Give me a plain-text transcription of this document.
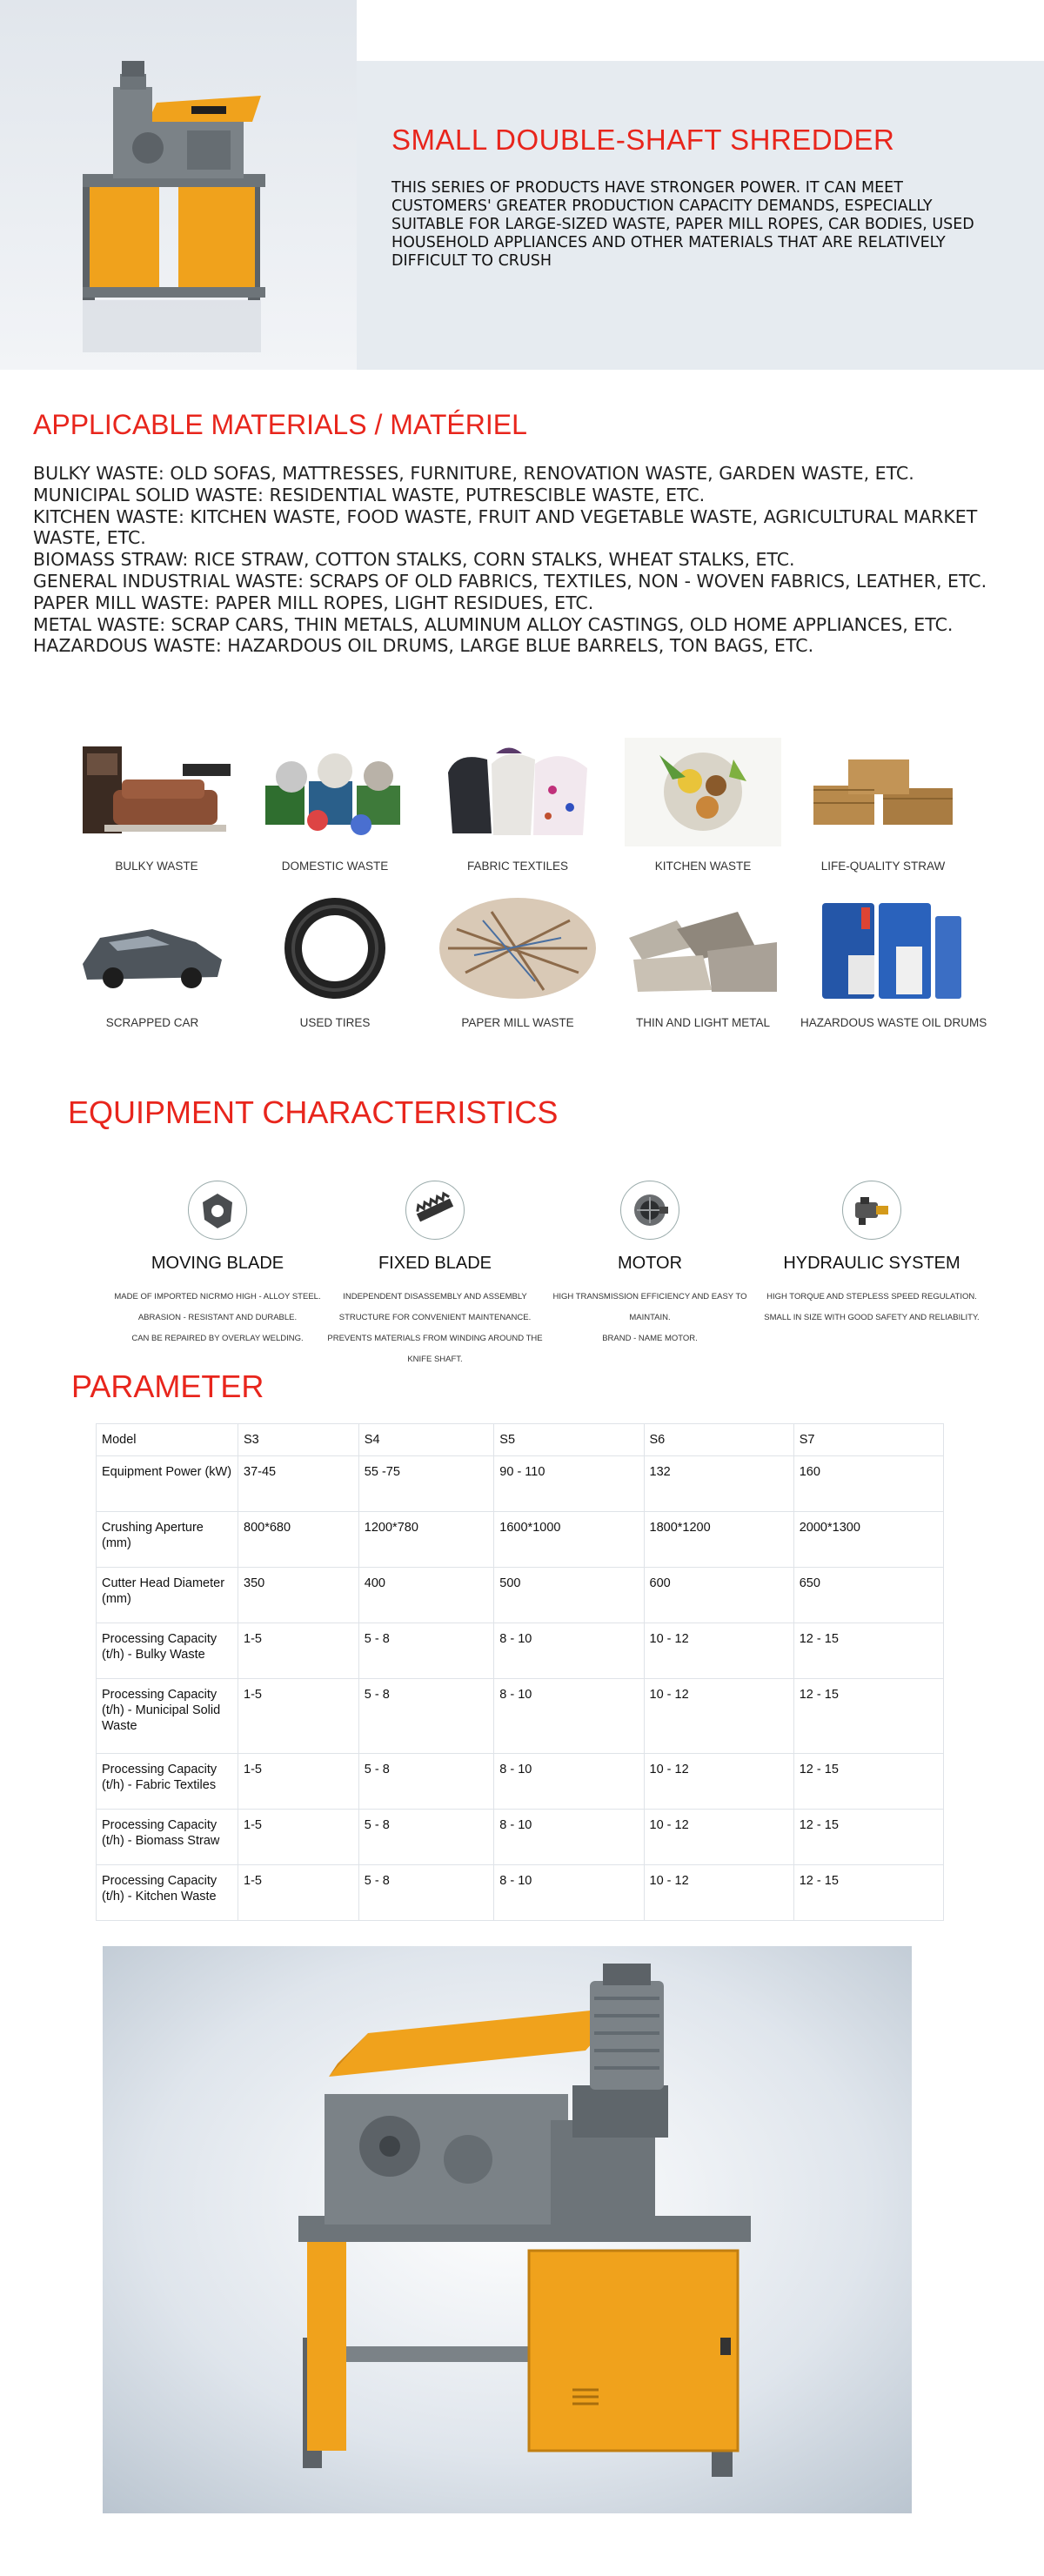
SMALL DOUBLE-SHAFT SHREDDER
THIS SERIES OF PRODUCTS HAVE STRONGER POWER. IT CAN MEET CUSTOMERS' GREATER PRODUCTION CAPACITY DEMANDS, ESPECIALLY SUITABLE FOR LARGE-SIZED WASTE, PAPER MILL ROPES, CAR BODIES, USED HOUSEHOLD APPLIANCES AND OTHER MATERIALS THAT ARE RELATIVELY DIFFICULT TO CRUSH
APPLICABLE MATERIALS / MATÉRIEL
BULKY WASTE: OLD SOFAS, MATTRESSES, FURNITURE, RENOVATION WASTE, GARDEN WASTE, ETC.
MUNICIPAL SOLID WASTE: RESIDENTIAL WASTE, PUTRESCIBLE WASTE, ETC.
KITCHEN WASTE: KITCHEN WASTE, FOOD WASTE, FRUIT AND VEGETABLE WASTE, AGRICULTURAL MARKET WASTE, ETC.
BIOMASS STRAW: RICE STRAW, COTTON STALKS, CORN STALKS, WHEAT STALKS, ETC.
GENERAL INDUSTRIAL WASTE: SCRAPS OF OLD FABRICS, TEXTILES, NON - WOVEN FABRICS, LEATHER, ETC.
PAPER MILL WASTE: PAPER MILL ROPES, LIGHT RESIDUES, ETC.
METAL WASTE: SCRAP CARS, THIN METALS, ALUMINUM ALLOY CASTINGS, OLD HOME APPLIANCES, ETC.
HAZARDOUS WASTE: HAZARDOUS OIL DRUMS, LARGE BLUE BARRELS, TON BAGS, ETC.
BULKY WASTE	DOMESTIC WASTE	FABRIC TEXTILES	KITCHEN WASTE	LIFE-QUALITY STRAW
SCRAPPED CAR	USED TIRES	PAPER MILL WASTE	THIN AND LIGHT METAL	HAZARDOUS WASTE OIL DRUMS
EQUIPMENT CHARACTERISTICS
MOVING BLADE
MADE OF IMPORTED NICRMO HIGH - ALLOY STEEL.
ABRASION - RESISTANT AND DURABLE.
CAN BE REPAIRED BY OVERLAY WELDING.
FIXED BLADE
INDEPENDENT DISASSEMBLY AND ASSEMBLY
STRUCTURE FOR CONVENIENT MAINTENANCE.
PREVENTS MATERIALS FROM WINDING AROUND THE
KNIFE SHAFT.
MOTOR
HIGH TRANSMISSION EFFICIENCY AND EASY TO
MAINTAIN.
BRAND - NAME MOTOR.
HYDRAULIC SYSTEM
HIGH TORQUE AND STEPLESS SPEED REGULATION.
SMALL IN SIZE WITH GOOD SAFETY AND RELIABILITY.
PARAMETER
Model	S3	S4	S5	S6	S7
Equipment Power (kW)	37-45	55 -75	90 - 110	132	160
Crushing Aperture (mm)	800*680	1200*780	1600*1000	1800*1200	2000*1300
Cutter Head Diameter (mm)	350	400	500	600	650
Processing Capacity (t/h) - Bulky Waste	1-5	5 - 8	8 - 10	10 - 12	12 - 15
Processing Capacity (t/h) - Municipal Solid Waste	1-5	5 - 8	8 - 10	10 - 12	12 - 15
Processing Capacity (t/h) - Fabric Textiles	1-5	5 - 8	8 - 10	10 - 12	12 - 15
Processing Capacity (t/h) - Biomass Straw	1-5	5 - 8	8 - 10	10 - 12	12 - 15
Processing Capacity (t/h) - Kitchen Waste	1-5	5 - 8	8 - 10	10 - 12	12 - 15
